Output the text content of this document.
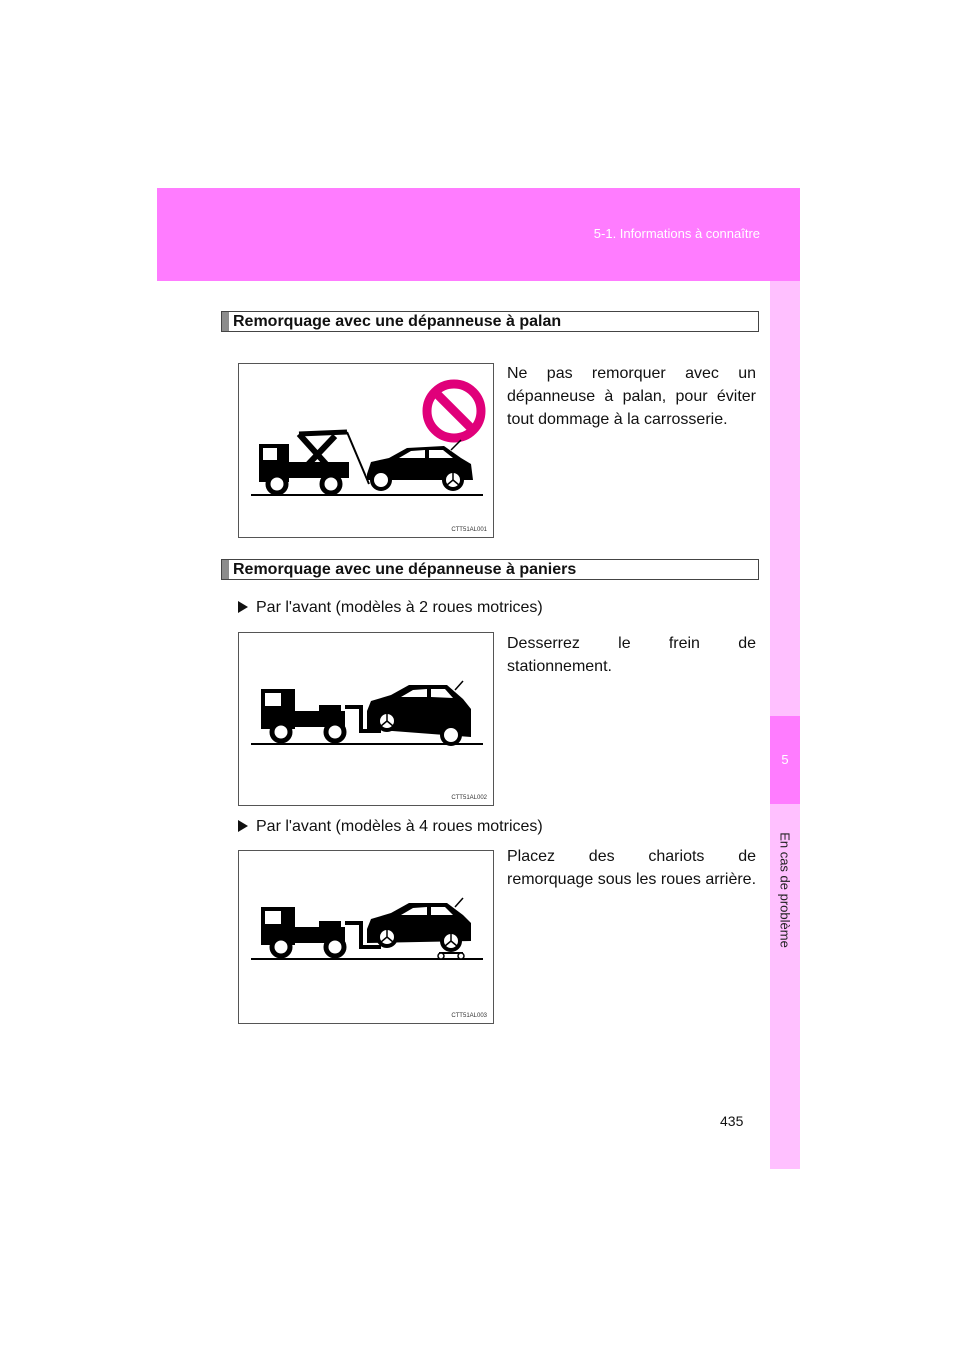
5-1. Informations à connaître
5
En cas de problème
Remorquage avec une dépanneuse à palan
CTT51AL001
Ne pas remorquer avec un dépanneuse à palan, pour éviter tout dommage à la carrosserie.
Remorquage avec une dépanneuse à paniers
Par l'avant (modèles à 2 roues motrices)
CTT51AL002
Desserrez le frein de stationnement.
Par l'avant (modèles à 4 roues motrices)
CTT51AL003
Placez des chariots de remorquage sous les roues arrière.
435
